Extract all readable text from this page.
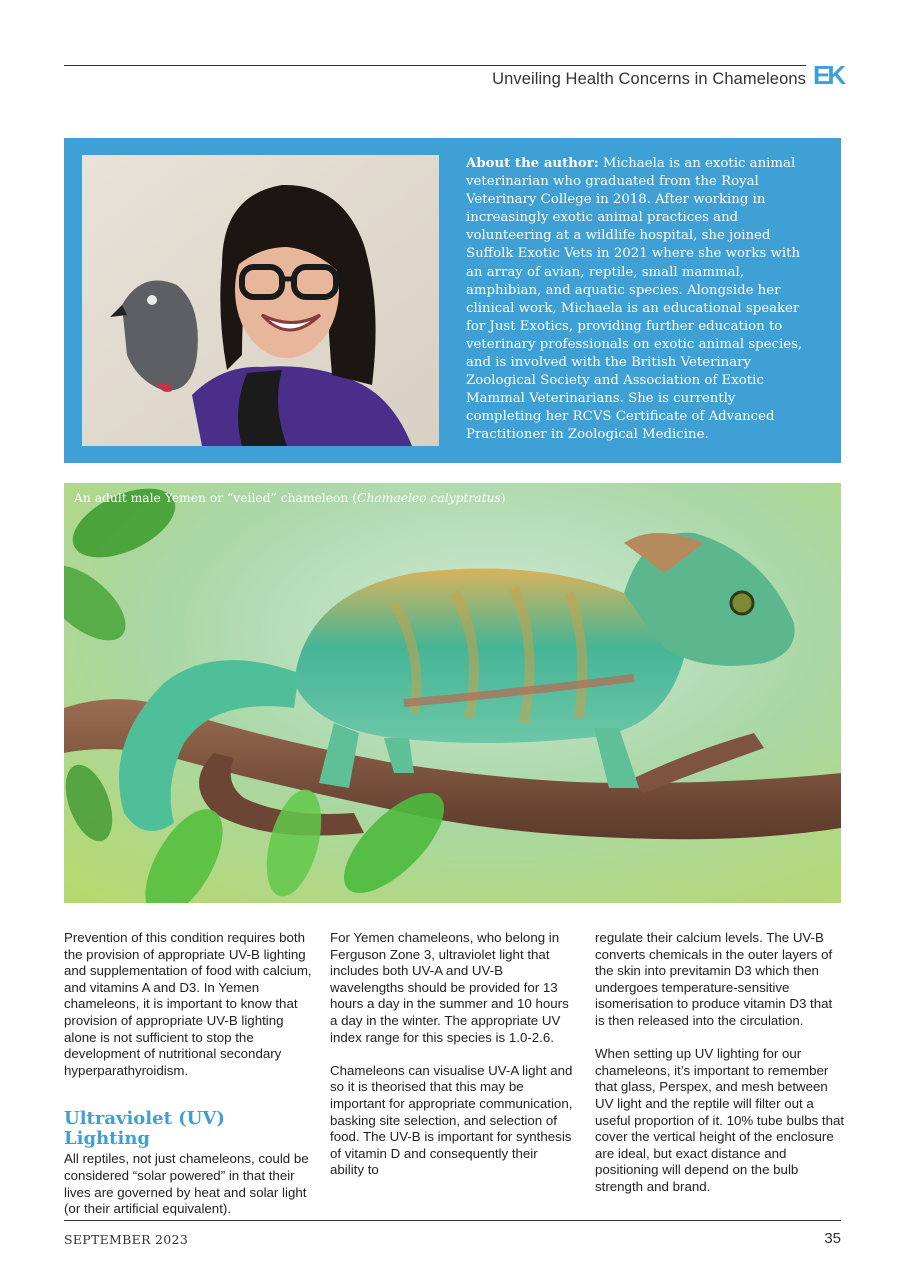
Unveiling Health Concerns in Chameleons EK
About the author: Michaela is an exotic animal veterinarian who graduated from the Royal Veterinary College in 2018. After working in increasingly exotic animal practices and volunteering at a wildlife hospital, she joined Suffolk Exotic Vets in 2021 where she works with an array of avian, reptile, small mammal, amphibian, and aquatic species. Alongside her clinical work, Michaela is an educational speaker for Just Exotics, providing further education to veterinary professionals on exotic animal species, and is involved with the British Veterinary Zoological Society and Association of Exotic Mammal Veterinarians. She is currently completing her RCVS Certificate of Advanced Practitioner in Zoological Medicine.
An adult male Yemen or “veiled” chameleon (Chamaeleo calyptratus)

Prevention of this condition requires both the provision of appropriate UV-B lighting and supplementation of food with calcium, and vitamins A and D3. In Yemen chameleons, it is important to know that provision of appropriate UV-B lighting alone is not sufficient to stop the development of nutritional secondary hyperparathyroidism.

Ultraviolet (UV) Lighting

All reptiles, not just chameleons, could be considered “solar powered” in that their lives are governed by heat and solar light (or their artificial equivalent).

For Yemen chameleons, who belong in Ferguson Zone 3, ultraviolet light that includes both UV-A and UV-B wavelengths should be provided for 13 hours a day in the summer and 10 hours a day in the winter. The appropriate UV index range for this species is 1.0-2.6.

Chameleons can visualise UV-A light and so it is theorised that this may be important for appropriate communication, basking site selection, and selection of food. The UV-B is important for synthesis of vitamin D and consequently their ability to

regulate their calcium levels. The UV-B converts chemicals in the outer layers of the skin into previtamin D3 which then undergoes temperature-sensitive isomerisation to produce vitamin D3 that is then released into the circulation.

When setting up UV lighting for our chameleons, it’s important to remember that glass, Perspex, and mesh between UV light and the reptile will filter out a useful proportion of it. 10% tube bulbs that cover the vertical height of the enclosure are ideal, but exact distance and positioning will depend on the bulb strength and brand.

SEPTEMBER 2023	35
